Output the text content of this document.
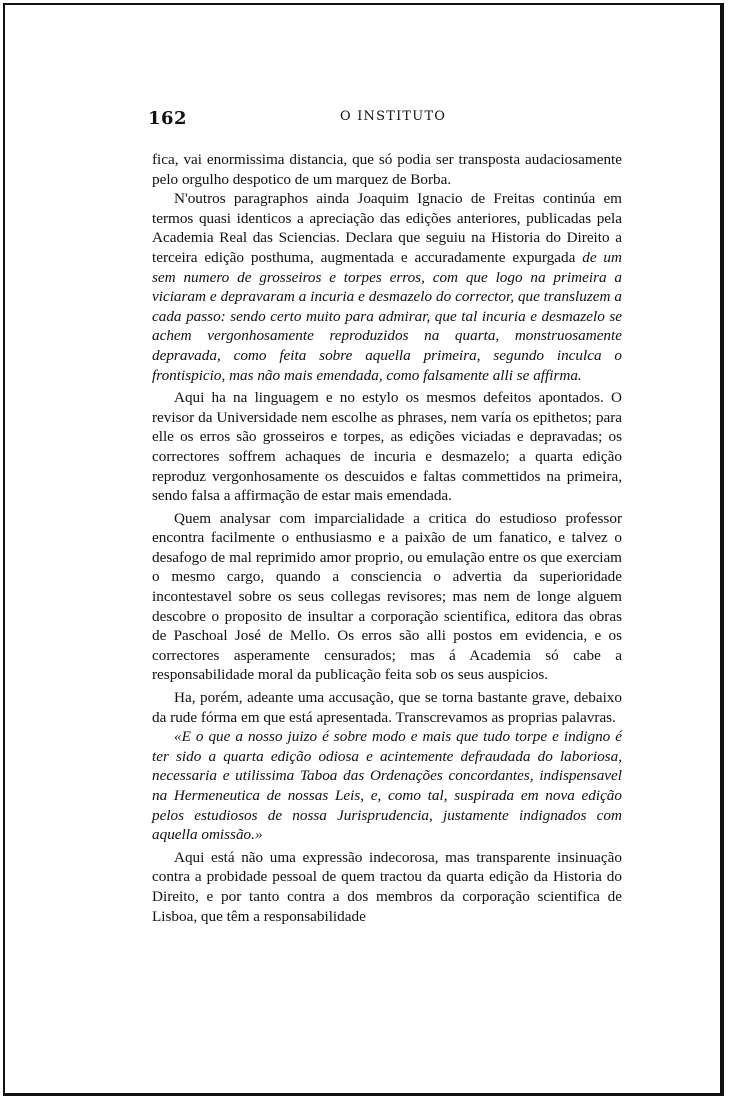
162	O INSTITUTO

fica, vai enormissima distancia, que só podia ser transposta audaciosamente pelo orgulho despotico de um marquez de Borba.

N'outros paragraphos ainda Joaquim Ignacio de Freitas continúa em termos quasi identicos a apreciação das edições anteriores, publicadas pela Academia Real das Sciencias. Declara que seguiu na Historia do Direito a terceira edição posthuma, augmentada e accuradamente expurgada de um sem numero de grosseiros e torpes erros, com que logo na primeira a viciaram e depravaram a incuria e desmazelo do corrector, que transluzem a cada passo: sendo certo muito para admirar, que tal incuria e desmazelo se achem vergonhosamente reproduzidos na quarta, monstruosamente depravada, como feita sobre aquella primeira, segundo inculca o frontispicio, mas não mais emendada, como falsamente alli se affirma.

Aqui ha na linguagem e no estylo os mesmos defeitos apontados. O revisor da Universidade nem escolhe as phrases, nem varía os epithetos; para elle os erros são grosseiros e torpes, as edições viciadas e depravadas; os correctores soffrem achaques de incuria e desmazelo; a quarta edição reproduz vergonhosamente os descuidos e faltas commettidos na primeira, sendo falsa a affirmação de estar mais emendada.

Quem analysar com imparcialidade a critica do estudioso professor encontra facilmente o enthusiasmo e a paixão de um fanatico, e talvez o desafogo de mal reprimido amor proprio, ou emulação entre os que exerciam o mesmo cargo, quando a consciencia o advertia da superioridade incontestavel sobre os seus collegas revisores; mas nem de longe alguem descobre o proposito de insultar a corporação scientifica, editora das obras de Paschoal José de Mello. Os erros são alli postos em evidencia, e os correctores asperamente censurados; mas á Academia só cabe a responsabilidade moral da publicação feita sob os seus auspicios.

Ha, porém, adeante uma accusação, que se torna bastante grave, debaixo da rude fórma em que está apresentada. Transcrevamos as proprias palavras.

«E o que a nosso juizo é sobre modo e mais que tudo torpe e indigno é ter sido a quarta edição odiosa e acintemente defraudada do laboriosa, necessaria e utilissima Taboa das Ordenações concordantes, indispensavel na Hermeneutica de nossas Leis, e, como tal, suspirada em nova edição pelos estudiosos de nossa Jurisprudencia, justamente indignados com aquella omissão.»

Aqui está não uma expressão indecorosa, mas transparente insinuação contra a probidade pessoal de quem tractou da quarta edição da Historia do Direito, e por tanto contra a dos membros da corporação scientifica de Lisboa, que têm a responsabilidade
